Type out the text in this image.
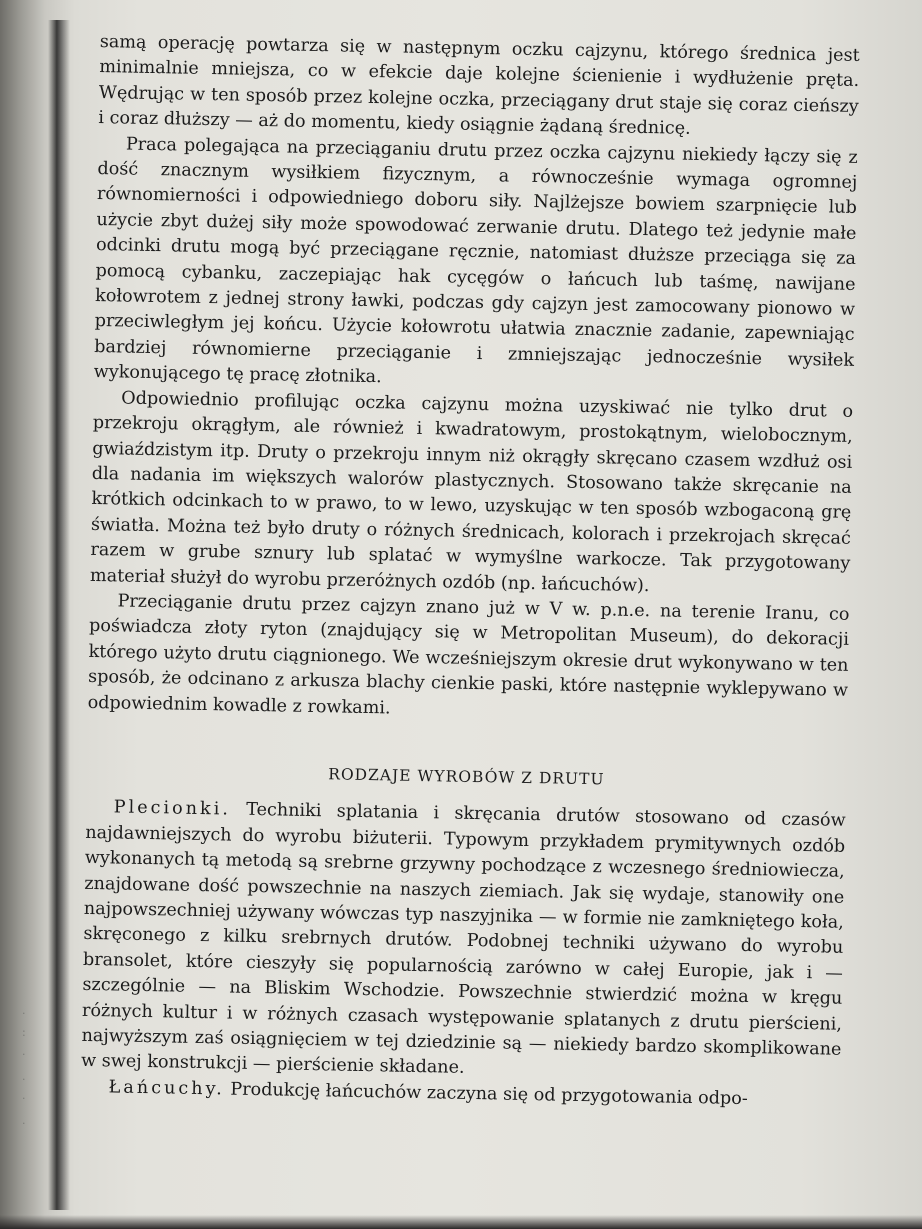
.
:
·
.
·
.

samą operację powtarza się w następnym oczku cajzynu, którego średnica jest minimalnie mniejsza, co w efekcie daje kolejne ścienienie i wydłużenie pręta. Wędrując w ten sposób przez kolejne oczka, przeciągany drut staje się coraz cieńszy i coraz dłuższy — aż do momentu, kiedy osiągnie żądaną średnicę.

Praca polegająca na przeciąganiu drutu przez oczka cajzynu niekiedy łączy się z dość znacznym wysiłkiem fizycznym, a równocześnie wymaga ogromnej równomierności i odpowiedniego doboru siły. Najlżejsze bowiem szarpnięcie lub użycie zbyt dużej siły może spowodować zerwanie drutu. Dlatego też jedynie małe odcinki drutu mogą być przeciągane ręcznie, natomiast dłuższe przeciąga się za pomocą cybanku, zaczepiając hak cycęgów o łańcuch lub taśmę, nawijane kołowrotem z jednej strony ławki, podczas gdy cajzyn jest zamocowany pionowo w przeciwległym jej końcu. Użycie kołowrotu ułatwia znacznie zadanie, zapewniając bardziej równomierne przeciąganie i zmniejszając jednocześnie wysiłek wykonującego tę pracę złotnika.

Odpowiednio profilując oczka cajzynu można uzyskiwać nie tylko drut o przekroju okrągłym, ale również i kwadratowym, prostokątnym, wielobocznym, gwiaździstym itp. Druty o przekroju innym niż okrągły skręcano czasem wzdłuż osi dla nadania im większych walorów plastycznych. Stosowano także skręcanie na krótkich odcinkach to w prawo, to w lewo, uzyskując w ten sposób wzbogaconą grę światła. Można też było druty o różnych średnicach, kolorach i przekrojach skręcać razem w grube sznury lub splatać w wymyślne warkocze. Tak przygotowany materiał służył do wyrobu przeróżnych ozdób (np. łańcuchów).

Przeciąganie drutu przez cajzyn znano już w V w. p.n.e. na terenie Iranu, co poświadcza złoty ryton (znajdujący się w Metropolitan Museum), do dekoracji którego użyto drutu ciągnionego. We wcześniejszym okresie drut wykonywano w ten sposób, że odcinano z arkusza blachy cienkie paski, które następnie wyklepywano w odpowiednim kowadle z rowkami.

RODZAJE WYROBÓW Z DRUTU

Plecionki. Techniki splatania i skręcania drutów stosowano od czasów najdawniejszych do wyrobu biżuterii. Typowym przykładem prymitywnych ozdób wykonanych tą metodą są srebrne grzywny pochodzące z wczesnego średniowiecza, znajdowane dość powszechnie na naszych ziemiach. Jak się wydaje, stanowiły one najpowszechniej używany wówczas typ naszyjnika — w formie nie zamkniętego koła, skręconego z kilku srebrnych drutów. Podobnej techniki używano do wyrobu bransolet, które cieszyły się popularnością zarówno w całej Europie, jak i — szczególnie — na Bliskim Wschodzie. Powszechnie stwierdzić można w kręgu różnych kultur i w różnych czasach występowanie splatanych z drutu pierścieni, najwyższym zaś osiągnięciem w tej dziedzinie są — niekiedy bardzo skomplikowane w swej konstrukcji — pierścienie składane.

Łańcuchy. Produkcję łańcuchów zaczyna się od przygotowania odpo-
